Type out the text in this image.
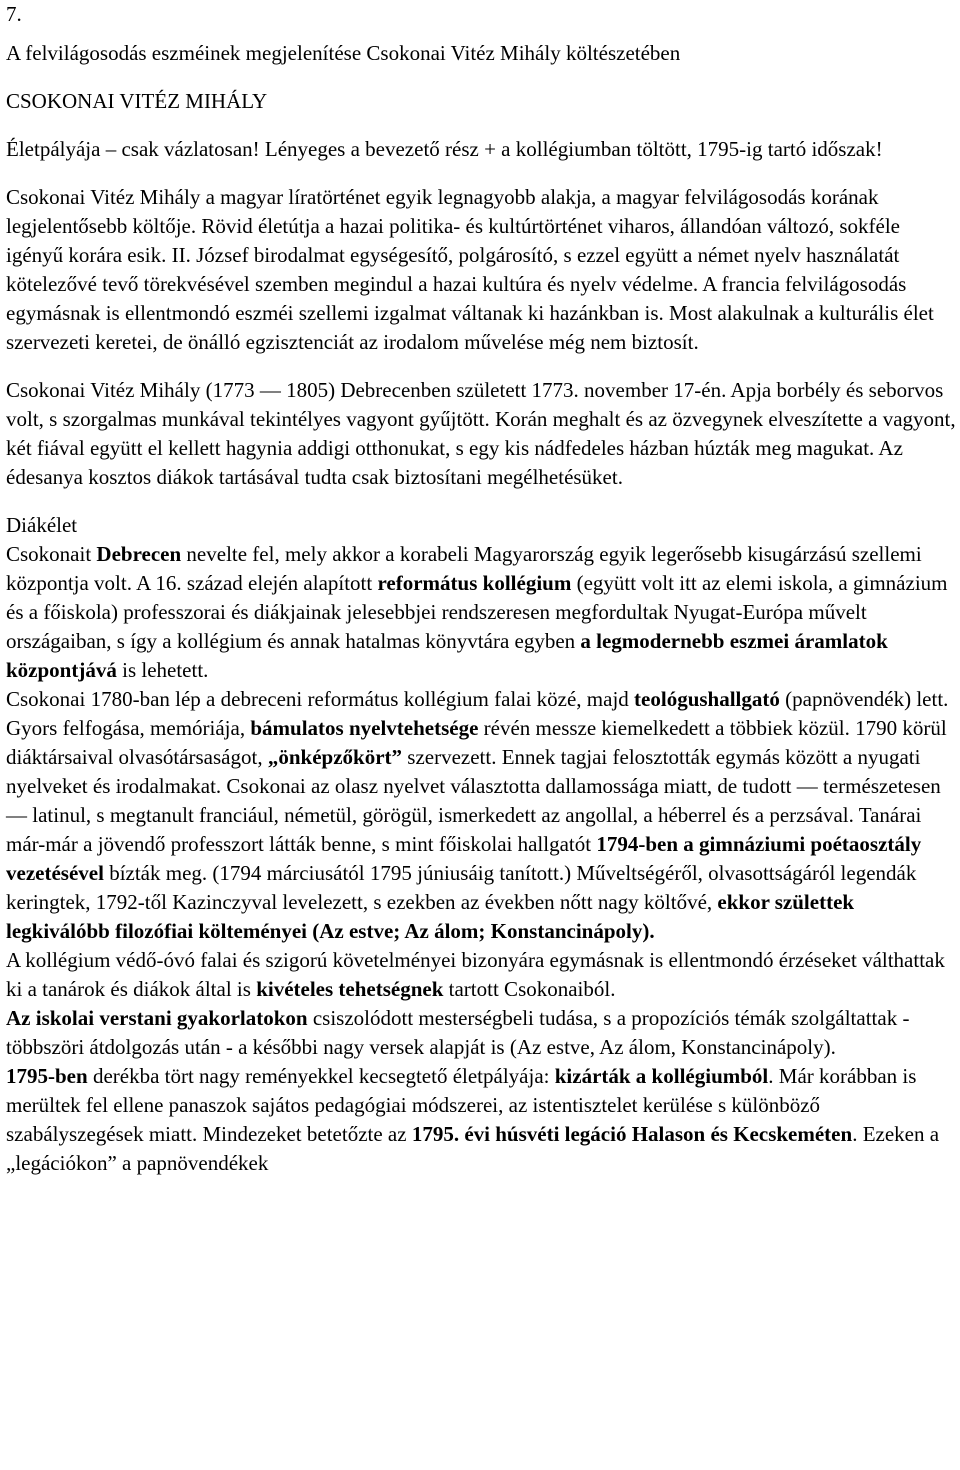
7.

A felvilágosodás eszméinek megjelenítése Csokonai Vitéz Mihály költészetében

CSOKONAI VITÉZ MIHÁLY

Életpályája – csak vázlatosan! Lényeges a bevezető rész + a kollégiumban töltött, 1795-ig tartó időszak!

Csokonai Vitéz Mihály a magyar líratörténet egyik legnagyobb alakja, a magyar felvilágosodás korának legjelentősebb költője. Rövid életútja a hazai politika- és kultúrtörténet viharos, állandóan változó, sokféle igényű korára esik. II. József birodalmat egységesítő, polgárosító, s ezzel együtt a német nyelv használatát kötelezővé tevő törekvésével szemben megindul a hazai kultúra és nyelv védelme. A francia felvilágosodás egymásnak is ellentmondó eszméi szellemi izgalmat váltanak ki hazánkban is. Most alakulnak a kulturális élet szervezeti keretei, de önálló egzisztenciát az irodalom művelése még nem biztosít.

Csokonai Vitéz Mihály (1773 — 1805) Debrecenben született 1773. november 17-én. Apja borbély és seborvos volt, s szorgalmas munkával tekintélyes vagyont gyűjtött. Korán meghalt és az özvegynek elveszítette a vagyont, két fiával együtt el kellett hagynia addigi otthonukat, s egy kis nádfedeles házban húzták meg magukat. Az édesanya kosztos diákok tartásával tudta csak biztosítani megélhetésüket.

Diákélet

Csokonait Debrecen nevelte fel, mely akkor a korabeli Magyarország egyik legerősebb kisugárzású szellemi központja volt. A 16. század elején alapított református kollégium (együtt volt itt az elemi iskola, a gimnázium és a főiskola) professzorai és diákjainak jelesebbjei rendszeresen megfordultak Nyugat-Európa művelt országaiban, s így a kollégium és annak hatalmas könyvtára egyben a legmodernebb eszmei áramlatok központjává is lehetett.

Csokonai 1780-ban lép a debreceni református kollégium falai közé, majd teológushallgató (papnövendék) lett. Gyors felfogása, memóriája, bámulatos nyelvtehetsége révén messze kiemelkedett a többiek közül. 1790 körül diáktársaival olvasótársaságot, „önképzőkört” szervezett. Ennek tagjai felosztották egymás között a nyugati nyelveket és irodalmakat. Csokonai az olasz nyelvet választotta dallamossága miatt, de tudott — természetesen — latinul, s megtanult franciául, németül, görögül, ismerkedett az angollal, a héberrel és a perzsával. Tanárai már-már a jövendő professzort látták benne, s mint főiskolai hallgatót 1794-ben a gimnáziumi poétaosztály vezetésével bízták meg. (1794 márciusától 1795 júniusáig tanított.) Műveltségéről, olvasottságáról legendák keringtek, 1792-től Kazinczyval levelezett, s ezekben az években nőtt nagy költővé, ekkor születtek legkiválóbb filozófiai költeményei (Az estve; Az álom; Konstancinápoly).

A kollégium védő-óvó falai és szigorú követelményei bizonyára egymásnak is ellentmondó érzéseket válthattak ki a tanárok és diákok által is kivételes tehetségnek tartott Csokonaiból.

Az iskolai verstani gyakorlatokon csiszolódott mesterségbeli tudása, s a propozíciós témák szolgáltattak - többszöri átdolgozás után - a későbbi nagy versek alapját is (Az estve, Az álom, Konstancinápoly).

1795-ben derékba tört nagy reményekkel kecsegtető életpályája: kizárták a kollégiumból. Már korábban is merültek fel ellene panaszok sajátos pedagógiai módszerei, az istentisztelet kerülése s különböző szabályszegések miatt. Mindezeket betetőzte az 1795. évi húsvéti legáció Halason és Kecskeméten. Ezeken a „legációkon” a papnövendékek
